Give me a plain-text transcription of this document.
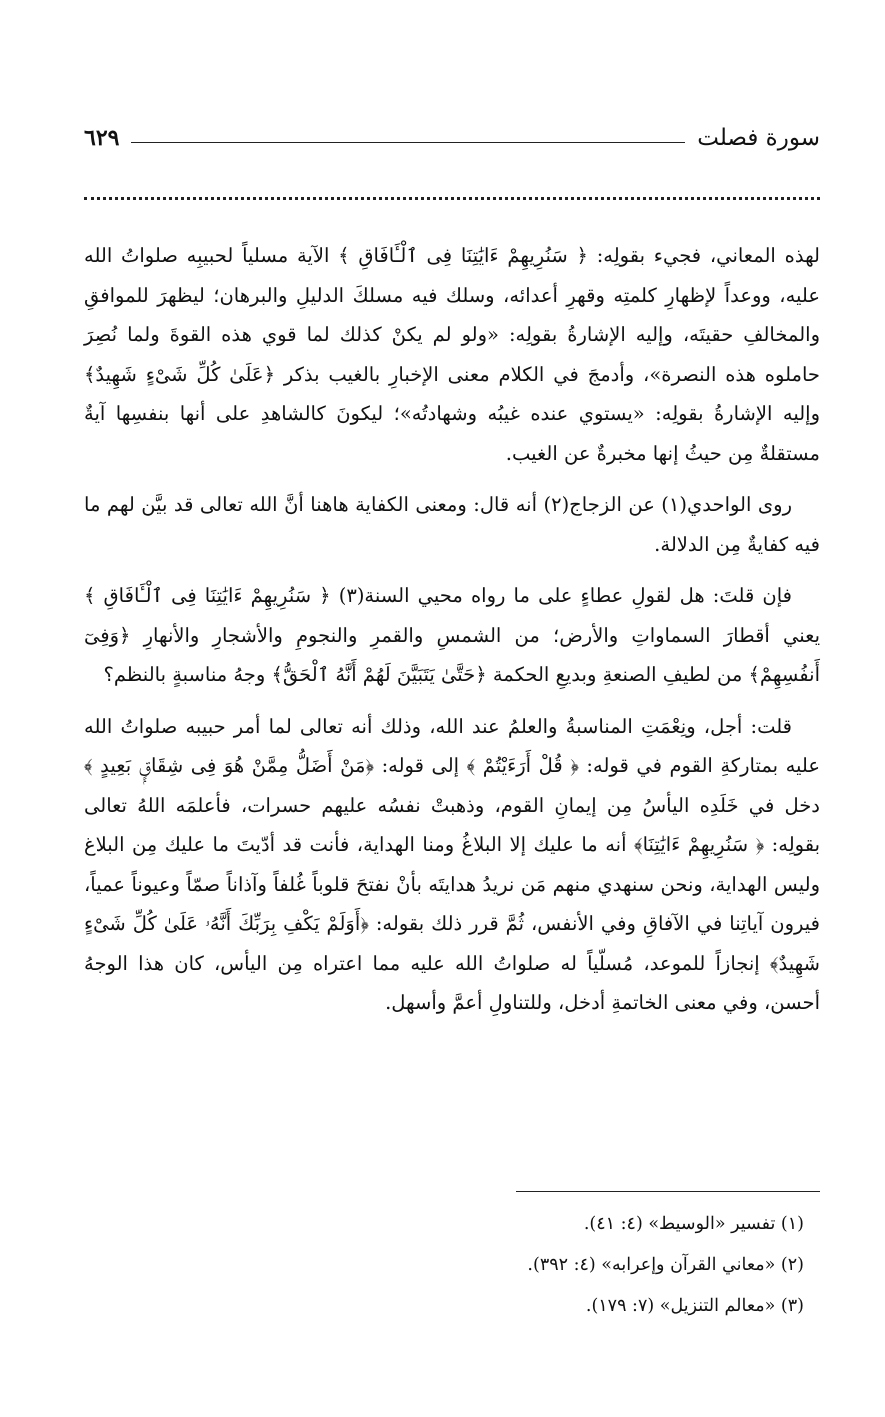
سورة فصلت
٦٢٩

لهذه المعاني، فجيء بقولِه: ﴿ سَنُرِيهِمْ ءَايَٰتِنَا فِى ٱلْـَٔافَاقِ ﴾ الآية مسلياً لحبيبِه صلواتُ الله عليه، ووعداً لإظهارِ كلمتِه وقهرِ أعدائه، وسلك فيه مسلكَ الدليلِ والبرهان؛ ليظهرَ للموافقِ والمخالفِ حقيتَه، وإليه الإشارةُ بقولِه: «ولو لم يكنْ كذلك لما قوي هذه القوةَ ولما نُصِرَ حاملوه هذه النصرة»، وأدمجَ في الكلام معنى الإخبارِ بالغيب بذكر ﴿عَلَىٰ كُلِّ شَىْءٍ شَهِيدٌ﴾ وإليه الإشارةُ بقولِه: «يستوي عنده غيبُه وشهادتُه»؛ ليكونَ كالشاهدِ على أنها بنفسِها آيةٌ مستقلةٌ مِن حيثُ إنها مخبرةٌ عن الغيب.

روى الواحدي(١) عن الزجاج(٢) أنه قال: ومعنى الكفاية هاهنا أنَّ الله تعالى قد بيَّن لهم ما فيه كفايةٌ مِن الدلالة.

فإن قلتَ: هل لقولِ عطاءٍ على ما رواه محيي السنة(٣) ﴿ سَنُرِيهِمْ ءَايَٰتِنَا فِى ٱلْـَٔافَاقِ ﴾ يعني أقطارَ السماواتِ والأرض؛ من الشمسِ والقمرِ والنجومِ والأشجارِ والأنهارِ ﴿وَفِىٓ أَنفُسِهِمْ﴾ من لطيفِ الصنعةِ وبديعِ الحكمة ﴿حَتَّىٰ يَتَبَيَّنَ لَهُمْ أَنَّهُ ٱلْحَقُّ﴾ وجهُ مناسبةٍ بالنظم؟

قلت: أجل، ونِعْمَتِ المناسبةُ والعلمُ عند الله، وذلك أنه تعالى لما أمر حبيبه صلواتُ الله عليه بمتاركةِ القوم في قوله: ﴿ قُلْ أَرَءَيْتُمْ ﴾ إلى قوله: ﴿مَنْ أَضَلُّ مِمَّنْ هُوَ فِى شِقَاقٍۭ بَعِيدٍ ﴾ دخل في خَلَدِه اليأسُ مِن إيمانِ القوم، وذهبتْ نفسُه عليهم حسرات، فأعلمَه اللهُ تعالى بقولِه: ﴿ سَنُرِيهِمْ ءَايَٰتِنَا﴾ أنه ما عليك إلا البلاغُ ومنا الهداية، فأنت قد أدّيتَ ما عليك مِن البلاغ وليس الهداية، ونحن سنهدي منهم مَن نريدُ هدايتَه بأنْ نفتحَ قلوباً غُلفاً وآذاناً صمّاً وعيوناً عمياً، فيرون آياتِنا في الآفاقِ وفي الأنفس، ثُمَّ قرر ذلك بقوله: ﴿أَوَلَمْ يَكْفِ بِرَبِّكَ أَنَّهُۥ عَلَىٰ كُلِّ شَىْءٍ شَهِيدٌ﴾ إنجازاً للموعد، مُسلّياً له صلواتُ الله عليه مما اعتراه مِن اليأس، كان هذا الوجهُ أحسن، وفي معنى الخاتمةِ أدخل، وللتناولِ أعمَّ وأسهل.

(١) تفسير «الوسيط» (٤: ٤١).

(٢) «معاني القرآن وإعرابه» (٤: ٣٩٢).

(٣) «معالم التنزيل» (٧: ١٧٩).
